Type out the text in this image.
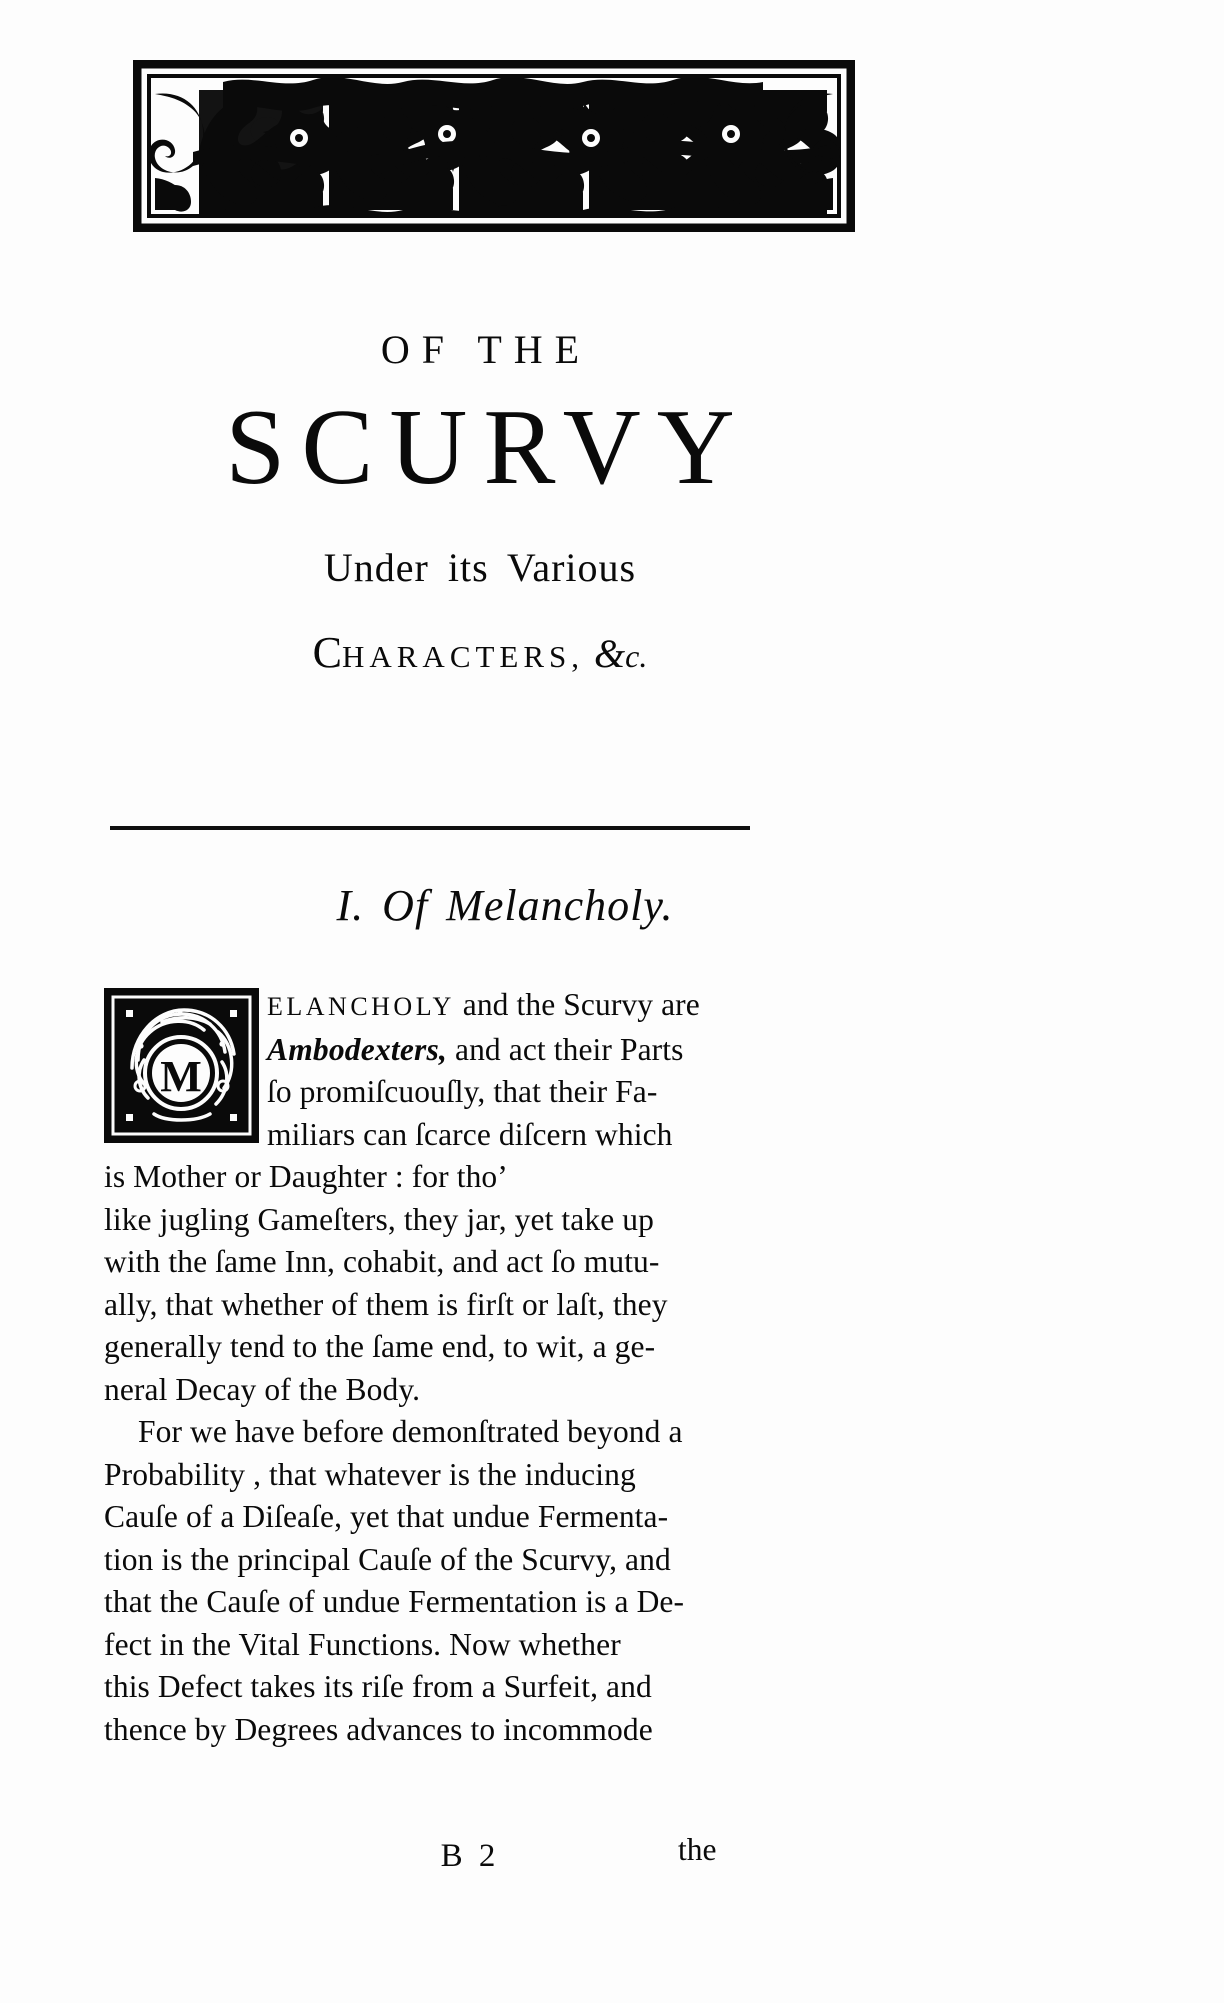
OF THE
SCURVY
Under its Various
CHARACTERS, &c.
I. Of Melancholy.
M
ELANCHOLY and the Scurvy are
Ambodexters, and act their Parts
ſo promiſcuouſly, that their Fa-
miliars can ſcarce diſcern which
is Mother or Daughter : for tho’
like jugling Gameſters, they jar, yet take up
with the ſame Inn, cohabit, and act ſo mutu-
ally, that whether of them is firſt or laſt, they
generally tend to the ſame end, to wit, a ge-
neral Decay of the Body.
For we have before demonſtrated beyond a
Probability , that whatever is the inducing
Cauſe of a Diſeaſe, yet that undue Fermenta-
tion is the principal Cauſe of the Scurvy, and
that the Cauſe of undue Fermentation is a De-
fect in the Vital Functions. Now whether
this Defect takes its riſe from a Surfeit, and
thence by Degrees advances to incommode
B 2	the
